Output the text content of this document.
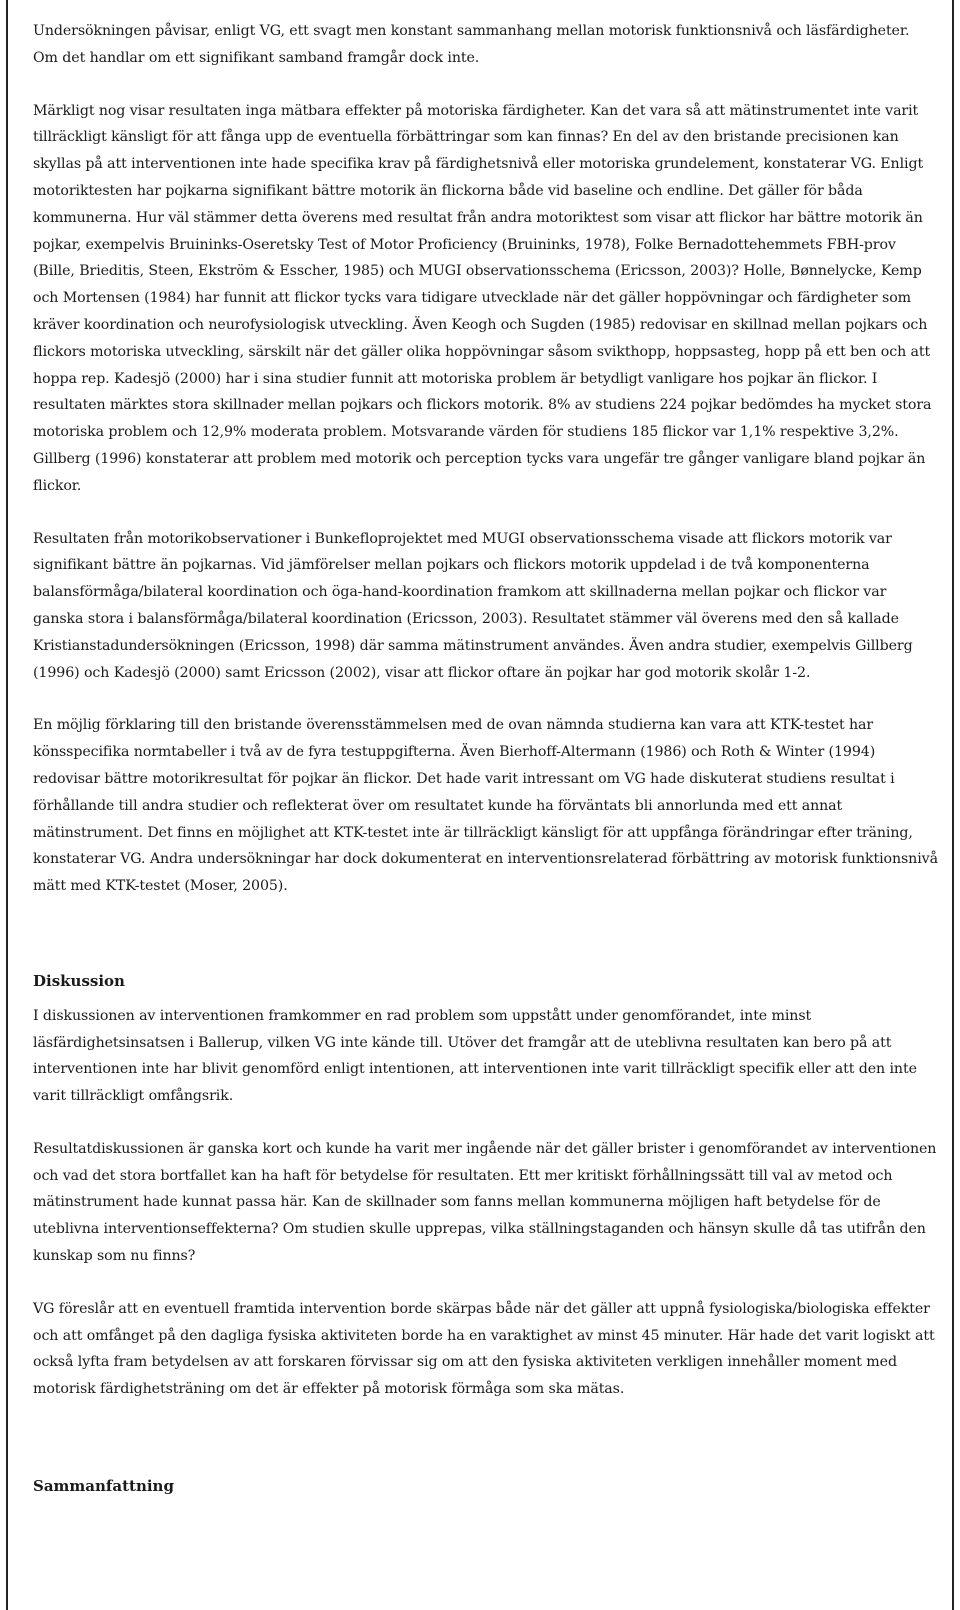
Undersökningen påvisar, enligt VG, ett svagt men konstant sammanhang mellan motorisk funktionsnivå och läsfärdigheter. Om det handlar om ett signifikant samband framgår dock inte.

Märkligt nog visar resultaten inga mätbara effekter på motoriska färdigheter. Kan det vara så att mätinstrumentet inte varit tillräckligt känsligt för att fånga upp de eventuella förbättringar som kan finnas? En del av den bristande precisionen kan skyllas på att interventionen inte hade specifika krav på färdighetsnivå eller motoriska grundelement, konstaterar VG. Enligt motoriktesten har pojkarna signifikant bättre motorik än flickorna både vid baseline och endline. Det gäller för båda kommunerna. Hur väl stämmer detta överens med resultat från andra motoriktest som visar att flickor har bättre motorik än pojkar, exempelvis Bruininks-Oseretsky Test of Motor Proficiency (Bruininks, 1978), Folke Bernadottehemmets FBH-prov (Bille, Brieditis, Steen, Ekström & Esscher, 1985) och MUGI observationsschema (Ericsson, 2003)? Holle, Bønnelycke, Kemp och Mortensen (1984) har funnit att flickor tycks vara tidigare utvecklade när det gäller hoppövningar och färdigheter som kräver koordination och neurofysiologisk utveckling. Även Keogh och Sugden (1985) redovisar en skillnad mellan pojkars och flickors motoriska utveckling, särskilt när det gäller olika hoppövningar såsom svikthopp, hoppsasteg, hopp på ett ben och att hoppa rep. Kadesjö (2000) har i sina studier funnit att motoriska problem är betydligt vanligare hos pojkar än flickor. I resultaten märktes stora skillnader mellan pojkars och flickors motorik. 8% av studiens 224 pojkar bedömdes ha mycket stora motoriska problem och 12,9% moderata problem. Motsvarande värden för studiens 185 flickor var 1,1% respektive 3,2%. Gillberg (1996) konstaterar att problem med motorik och perception tycks vara ungefär tre gånger vanligare bland pojkar än flickor.

Resultaten från motorikobservationer i Bunkefloprojektet med MUGI observationsschema visade att flickors motorik var signifikant bättre än pojkarnas. Vid jämförelser mellan pojkars och flickors motorik uppdelad i de två komponenterna balansförmåga/bilateral koordination och öga-hand-koordination framkom att skillnaderna mellan pojkar och flickor var ganska stora i balansförmåga/bilateral koordination (Ericsson, 2003). Resultatet stämmer väl överens med den så kallade Kristianstadundersökningen (Ericsson, 1998) där samma mätinstrument användes. Även andra studier, exempelvis Gillberg (1996) och Kadesjö (2000) samt Ericsson (2002), visar att flickor oftare än pojkar har god motorik skolår 1-2.

En möjlig förklaring till den bristande överensstämmelsen med de ovan nämnda studierna kan vara att KTK-testet har könsspecifika normtabeller i två av de fyra testuppgifterna. Även Bierhoff-Altermann (1986) och Roth & Winter (1994) redovisar bättre motorikresultat för pojkar än flickor. Det hade varit intressant om VG hade diskuterat studiens resultat i förhållande till andra studier och reflekterat över om resultatet kunde ha förväntats bli annorlunda med ett annat mätinstrument. Det finns en möjlighet att KTK-testet inte är tillräckligt känsligt för att uppfånga förändringar efter träning, konstaterar VG. Andra undersökningar har dock dokumenterat en interventionsrelaterad förbättring av motorisk funktionsnivå mätt med KTK-testet (Moser, 2005).

Diskussion

I diskussionen av interventionen framkommer en rad problem som uppstått under genomförandet, inte minst läsfärdighetsinsatsen i Ballerup, vilken VG inte kände till. Utöver det framgår att de uteblivna resultaten kan bero på att interventionen inte har blivit genomförd enligt intentionen, att interventionen inte varit tillräckligt specifik eller att den inte varit tillräckligt omfångsrik.

Resultatdiskussionen är ganska kort och kunde ha varit mer ingående när det gäller brister i genomförandet av interventionen och vad det stora bortfallet kan ha haft för betydelse för resultaten. Ett mer kritiskt förhållningssätt till val av metod och mätinstrument hade kunnat passa här. Kan de skillnader som fanns mellan kommunerna möjligen haft betydelse för de uteblivna interventionseffekterna? Om studien skulle upprepas, vilka ställningstaganden och hänsyn skulle då tas utifrån den kunskap som nu finns?

VG föreslår att en eventuell framtida intervention borde skärpas både när det gäller att uppnå fysiologiska/biologiska effekter och att omfånget på den dagliga fysiska aktiviteten borde ha en varaktighet av minst 45 minuter. Här hade det varit logiskt att också lyfta fram betydelsen av att forskaren förvissar sig om att den fysiska aktiviteten verkligen innehåller moment med motorisk färdighetsträning om det är effekter på motorisk förmåga som ska mätas.

Sammanfattning
